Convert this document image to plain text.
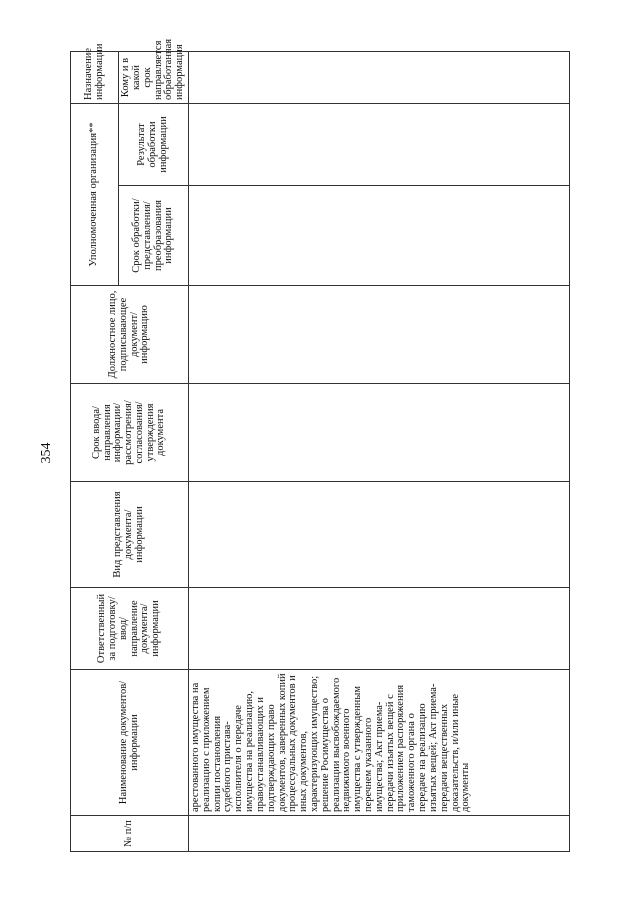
354
№ п/п	Наименование документов/информации	Ответственный за подготовку/ ввод/ направление документа/ информации	Вид представления документа/ информации	Срок ввода/ направления информации/ рассмотрения/ согласования/ утверждения документа	Должностное лицо, подписывающее документ/ информацию	Уполномоченная организация**		Назначение информации
						Срок обработки/ представления/ преобразования информации	Результат обработки информации	Кому и в какой срок направляется обработанная информация
	арестованного имущества на реализацию с приложением копии постановления судебного пристава-исполнителя о передаче имущества на реализацию, правоустанавливающих и подтверждающих право документов, заверенных копий процессуальных документов и иных документов, характеризующих имущество; решение Росимущества о реализации высвобождаемого недвижимого военного имущества с утвержденным перечнем указанного имущества; Акт приема-передачи изъятых вещей с приложением распоряжения таможенного органа о передаче на реализацию изъятых вещей; Акт приема-передачи вещественных доказательств, и/или иные документы							
